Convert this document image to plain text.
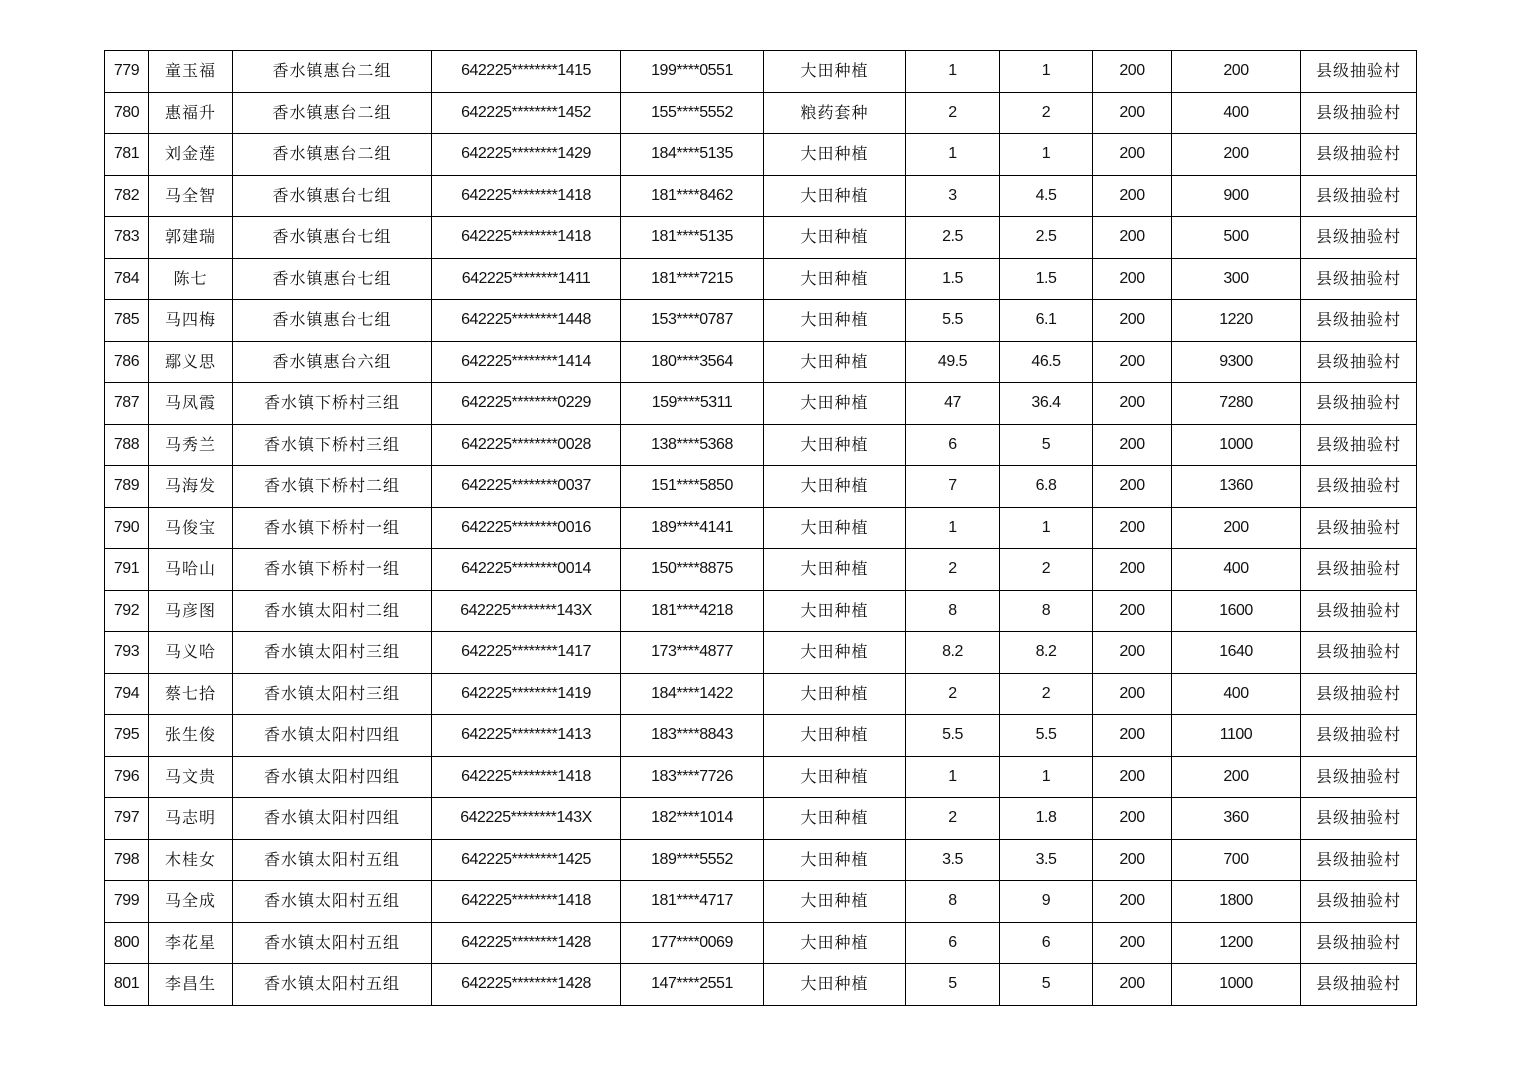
779	童玉福	香水镇惠台二组	642225********1415	199****0551	大田种植	1	1	200	200	县级抽验村
780	惠福升	香水镇惠台二组	642225********1452	155****5552	粮药套种	2	2	200	400	县级抽验村
781	刘金莲	香水镇惠台二组	642225********1429	184****5135	大田种植	1	1	200	200	县级抽验村
782	马全智	香水镇惠台七组	642225********1418	181****8462	大田种植	3	4.5	200	900	县级抽验村
783	郭建瑞	香水镇惠台七组	642225********1418	181****5135	大田种植	2.5	2.5	200	500	县级抽验村
784	陈七	香水镇惠台七组	642225********1411	181****7215	大田种植	1.5	1.5	200	300	县级抽验村
785	马四梅	香水镇惠台七组	642225********1448	153****0787	大田种植	5.5	6.1	200	1220	县级抽验村
786	鄢义思	香水镇惠台六组	642225********1414	180****3564	大田种植	49.5	46.5	200	9300	县级抽验村
787	马凤霞	香水镇下桥村三组	642225********0229	159****5311	大田种植	47	36.4	200	7280	县级抽验村
788	马秀兰	香水镇下桥村三组	642225********0028	138****5368	大田种植	6	5	200	1000	县级抽验村
789	马海发	香水镇下桥村二组	642225********0037	151****5850	大田种植	7	6.8	200	1360	县级抽验村
790	马俊宝	香水镇下桥村一组	642225********0016	189****4141	大田种植	1	1	200	200	县级抽验村
791	马哈山	香水镇下桥村一组	642225********0014	150****8875	大田种植	2	2	200	400	县级抽验村
792	马彦图	香水镇太阳村二组	642225********143X	181****4218	大田种植	8	8	200	1600	县级抽验村
793	马义哈	香水镇太阳村三组	642225********1417	173****4877	大田种植	8.2	8.2	200	1640	县级抽验村
794	蔡七拾	香水镇太阳村三组	642225********1419	184****1422	大田种植	2	2	200	400	县级抽验村
795	张生俊	香水镇太阳村四组	642225********1413	183****8843	大田种植	5.5	5.5	200	1100	县级抽验村
796	马文贵	香水镇太阳村四组	642225********1418	183****7726	大田种植	1	1	200	200	县级抽验村
797	马志明	香水镇太阳村四组	642225********143X	182****1014	大田种植	2	1.8	200	360	县级抽验村
798	木桂女	香水镇太阳村五组	642225********1425	189****5552	大田种植	3.5	3.5	200	700	县级抽验村
799	马全成	香水镇太阳村五组	642225********1418	181****4717	大田种植	8	9	200	1800	县级抽验村
800	李花星	香水镇太阳村五组	642225********1428	177****0069	大田种植	6	6	200	1200	县级抽验村
801	李昌生	香水镇太阳村五组	642225********1428	147****2551	大田种植	5	5	200	1000	县级抽验村
